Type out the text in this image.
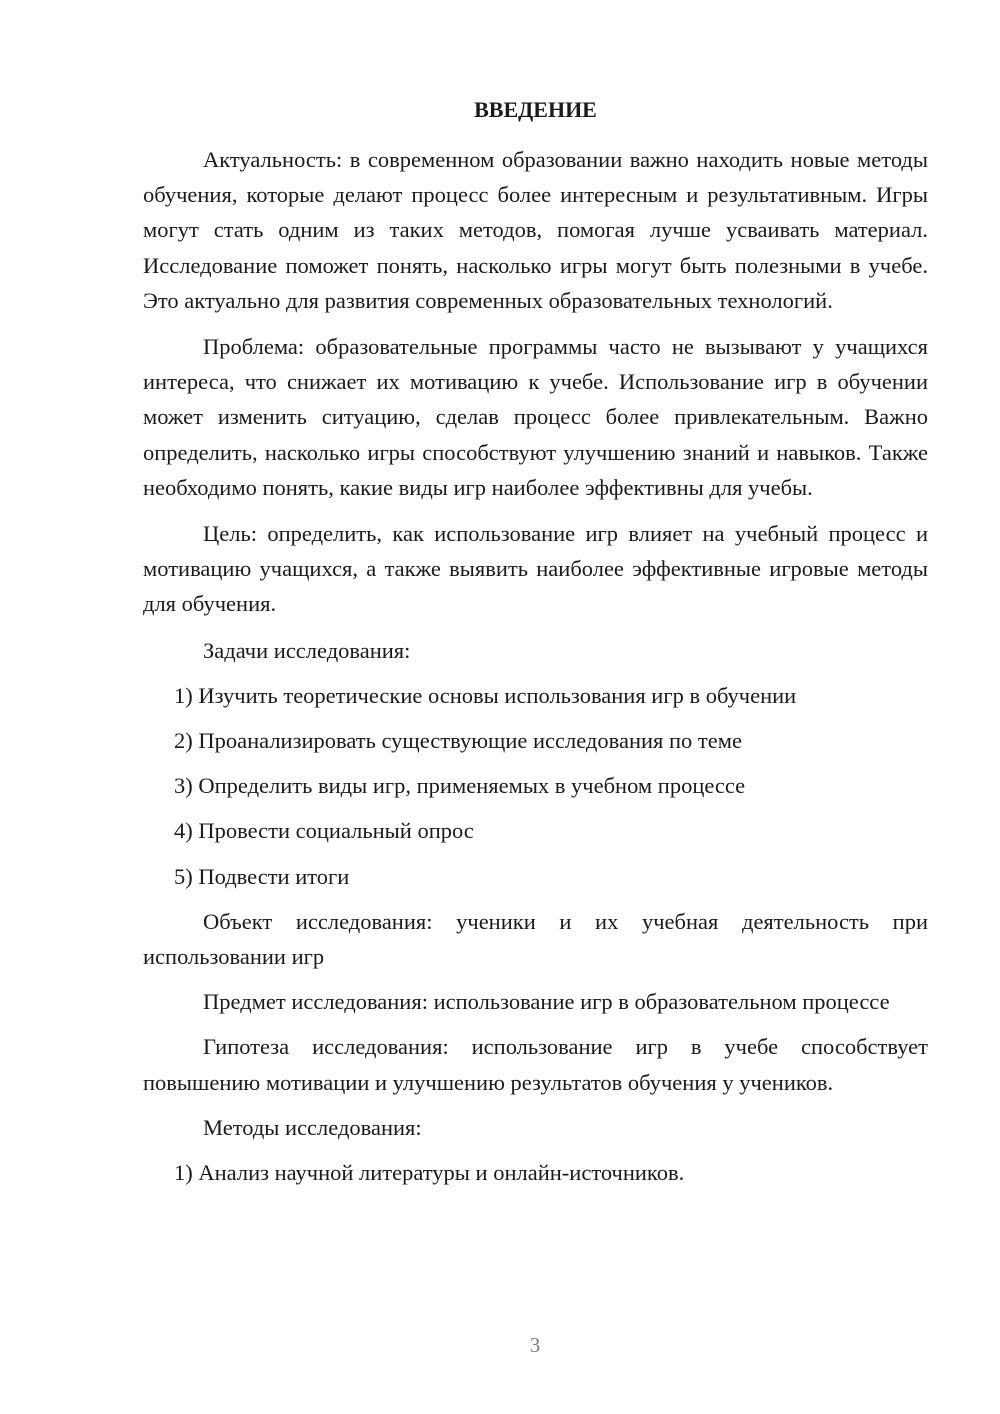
ВВЕДЕНИЕ

Актуальность: в современном образовании важно находить новые методы обучения, которые делают процесс более интересным и результативным. Игры могут стать одним из таких методов, помогая лучше усваивать материал. Исследование поможет понять, насколько игры могут быть полезными в учебе. Это актуально для развития современных образовательных технологий.

Проблема: образовательные программы часто не вызывают у учащихся интереса, что снижает их мотивацию к учебе. Использование игр в обучении может изменить ситуацию, сделав процесс более привлекательным. Важно определить, насколько игры способствуют улучшению знаний и навыков. Также необходимо понять, какие виды игр наиболее эффективны для учебы.

Цель: определить, как использование игр влияет на учебный процесс и мотивацию учащихся, а также выявить наиболее эффективные игровые методы для обучения.

Задачи исследования:
1) Изучить теоретические основы использования игр в обучении
2) Проанализировать существующие исследования по теме
3) Определить виды игр, применяемых в учебном процессе
4) Провести социальный опрос
5) Подвести итоги

Объект исследования: ученики и их учебная деятельность при использовании игр

Предмет исследования: использование игр в образовательном процессе

Гипотеза исследования: использование игр в учебе способствует повышению мотивации и улучшению результатов обучения у учеников.

Методы исследования:
1) Анализ научной литературы и онлайн-источников.
3
